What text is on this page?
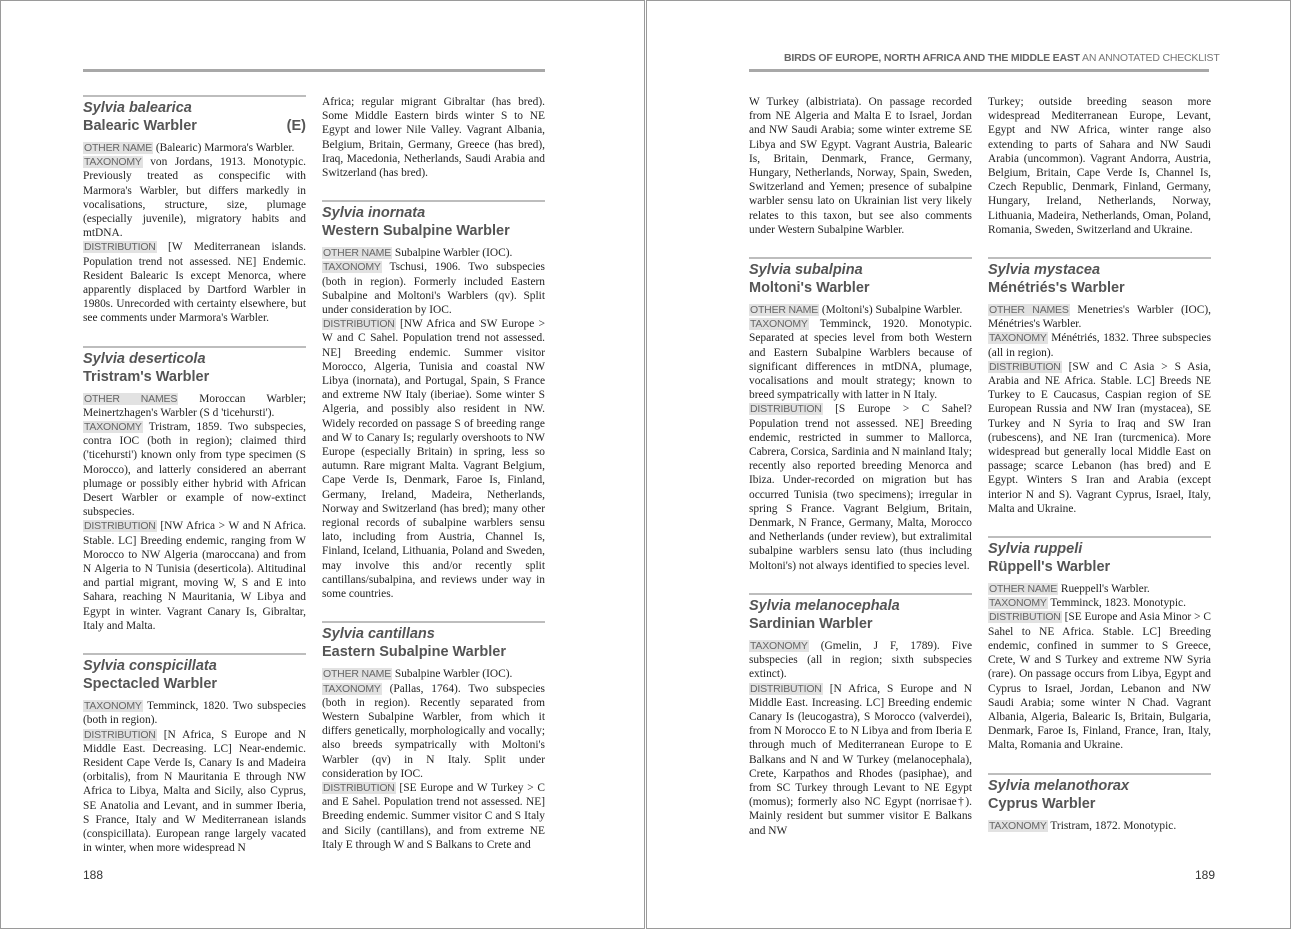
Sylvia balearica
Balearic Warbler	(E)

OTHER NAME (Balearic) Marmora's Warbler.

TAXONOMY von Jordans, 1913. Monotypic. Previously treated as conspecific with Marmora's Warbler, but differs markedly in vocalisations, structure, size, plumage (especially juvenile), migratory habits and mtDNA.

DISTRIBUTION [W Mediterranean islands. Population trend not assessed. NE] Endemic. Resident Balearic Is except Menorca, where apparently displaced by Dartford Warbler in 1980s. Unrecorded with certainty elsewhere, but see comments under Marmora's Warbler.

Sylvia deserticola
Tristram's Warbler

OTHER NAMES Moroccan Warbler; Meinertzhagen's Warbler (S d 'ticehursti').

TAXONOMY Tristram, 1859. Two subspecies, contra IOC (both in region); claimed third ('ticehursti') known only from type specimen (S Morocco), and latterly considered an aberrant plumage or possibly either hybrid with African Desert Warbler or example of now-extinct subspecies.

DISTRIBUTION [NW Africa > W and N Africa. Stable. LC] Breeding endemic, ranging from W Morocco to NW Algeria (maroccana) and from N Algeria to N Tunisia (deserticola). Altitudinal and partial migrant, moving W, S and E into Sahara, reaching N Mauritania, W Libya and Egypt in winter. Vagrant Canary Is, Gibraltar, Italy and Malta.

Sylvia conspicillata
Spectacled Warbler

TAXONOMY Temminck, 1820. Two subspecies (both in region).

DISTRIBUTION [N Africa, S Europe and N Middle East. Decreasing. LC] Near-endemic. Resident Cape Verde Is, Canary Is and Madeira (orbitalis), from N Mauritania E through NW Africa to Libya, Malta and Sicily, also Cyprus, SE Anatolia and Levant, and in summer Iberia, S France, Italy and W Mediterranean islands (conspicillata). European range largely vacated in winter, when more widespread N

Africa; regular migrant Gibraltar (has bred). Some Middle Eastern birds winter S to NE Egypt and lower Nile Valley. Vagrant Albania, Belgium, Britain, Germany, Greece (has bred), Iraq, Macedonia, Netherlands, Saudi Arabia and Switzerland (has bred).

Sylvia inornata
Western Subalpine Warbler

OTHER NAME Subalpine Warbler (IOC).

TAXONOMY Tschusi, 1906. Two subspecies (both in region). Formerly included Eastern Subalpine and Moltoni's Warblers (qv). Split under consideration by IOC.

DISTRIBUTION [NW Africa and SW Europe > W and C Sahel. Population trend not assessed. NE] Breeding endemic. Summer visitor Morocco, Algeria, Tunisia and coastal NW Libya (inornata), and Portugal, Spain, S France and extreme NW Italy (iberiae). Some winter S Algeria, and possibly also resident in NW. Widely recorded on passage S of breeding range and W to Canary Is; regularly overshoots to NW Europe (especially Britain) in spring, less so autumn. Rare migrant Malta. Vagrant Belgium, Cape Verde Is, Denmark, Faroe Is, Finland, Germany, Ireland, Madeira, Netherlands, Norway and Switzerland (has bred); many other regional records of subalpine warblers sensu lato, including from Austria, Channel Is, Finland, Iceland, Lithuania, Poland and Sweden, may involve this and/or recently split cantillans/subalpina, and reviews under way in some countries.

Sylvia cantillans
Eastern Subalpine Warbler

OTHER NAME Subalpine Warbler (IOC).

TAXONOMY (Pallas, 1764). Two subspecies (both in region). Recently separated from Western Subalpine Warbler, from which it differs genetically, morphologically and vocally; also breeds sympatrically with Moltoni's Warbler (qv) in N Italy. Split under consideration by IOC.

DISTRIBUTION [SE Europe and W Turkey > C and E Sahel. Population trend not assessed. NE] Breeding endemic. Summer visitor C and S Italy and Sicily (cantillans), and from extreme NE Italy E through W and S Balkans to Crete and

188
BIRDS OF EUROPE, NORTH AFRICA AND THE MIDDLE EAST AN ANNOTATED CHECKLIST

W Turkey (albistriata). On passage recorded from NE Algeria and Malta E to Israel, Jordan and NW Saudi Arabia; some winter extreme SE Libya and SW Egypt. Vagrant Austria, Balearic Is, Britain, Denmark, France, Germany, Hungary, Netherlands, Norway, Spain, Sweden, Switzerland and Yemen; presence of subalpine warbler sensu lato on Ukrainian list very likely relates to this taxon, but see also comments under Western Subalpine Warbler.

Sylvia subalpina
Moltoni's Warbler

OTHER NAME (Moltoni's) Subalpine Warbler.

TAXONOMY Temminck, 1920. Monotypic. Separated at species level from both Western and Eastern Subalpine Warblers because of significant differences in mtDNA, plumage, vocalisations and moult strategy; known to breed sympatrically with latter in N Italy.

DISTRIBUTION [S Europe > C Sahel? Population trend not assessed. NE] Breeding endemic, restricted in summer to Mallorca, Cabrera, Corsica, Sardinia and N mainland Italy; recently also reported breeding Menorca and Ibiza. Under-recorded on migration but has occurred Tunisia (two specimens); irregular in spring S France. Vagrant Belgium, Britain, Denmark, N France, Germany, Malta, Morocco and Netherlands (under review), but extralimital subalpine warblers sensu lato (thus including Moltoni's) not always identified to species level.

Sylvia melanocephala
Sardinian Warbler

TAXONOMY (Gmelin, J F, 1789). Five subspecies (all in region; sixth subspecies extinct).

DISTRIBUTION [N Africa, S Europe and N Middle East. Increasing. LC] Breeding endemic Canary Is (leucogastra), S Morocco (valverdei), from N Morocco E to N Libya and from Iberia E through much of Mediterranean Europe to E Balkans and N and W Turkey (melanocephala), Crete, Karpathos and Rhodes (pasiphae), and from SC Turkey through Levant to NE Egypt (momus); formerly also NC Egypt (norrisae†). Mainly resident but summer visitor E Balkans and NW

Turkey; outside breeding season more widespread Mediterranean Europe, Levant, Egypt and NW Africa, winter range also extending to parts of Sahara and NW Saudi Arabia (uncommon). Vagrant Andorra, Austria, Belgium, Britain, Cape Verde Is, Channel Is, Czech Republic, Denmark, Finland, Germany, Hungary, Ireland, Netherlands, Norway, Lithuania, Madeira, Netherlands, Oman, Poland, Romania, Sweden, Switzerland and Ukraine.

Sylvia mystacea
Ménétriés's Warbler

OTHER NAMES Menetries's Warbler (IOC), Ménétries's Warbler.

TAXONOMY Ménétriés, 1832. Three subspecies (all in region).

DISTRIBUTION [SW and C Asia > S Asia, Arabia and NE Africa. Stable. LC] Breeds NE Turkey to E Caucasus, Caspian region of SE European Russia and NW Iran (mystacea), SE Turkey and N Syria to Iraq and SW Iran (rubescens), and NE Iran (turcmenica). More widespread but generally local Middle East on passage; scarce Lebanon (has bred) and E Egypt. Winters S Iran and Arabia (except interior N and S). Vagrant Cyprus, Israel, Italy, Malta and Ukraine.

Sylvia ruppeli
Rüppell's Warbler

OTHER NAME Rueppell's Warbler.

TAXONOMY Temminck, 1823. Monotypic.

DISTRIBUTION [SE Europe and Asia Minor > C Sahel to NE Africa. Stable. LC] Breeding endemic, confined in summer to S Greece, Crete, W and S Turkey and extreme NW Syria (rare). On passage occurs from Libya, Egypt and Cyprus to Israel, Jordan, Lebanon and NW Saudi Arabia; some winter N Chad. Vagrant Albania, Algeria, Balearic Is, Britain, Bulgaria, Denmark, Faroe Is, Finland, France, Iran, Italy, Malta, Romania and Ukraine.

Sylvia melanothorax
Cyprus Warbler

TAXONOMY Tristram, 1872. Monotypic.

189
